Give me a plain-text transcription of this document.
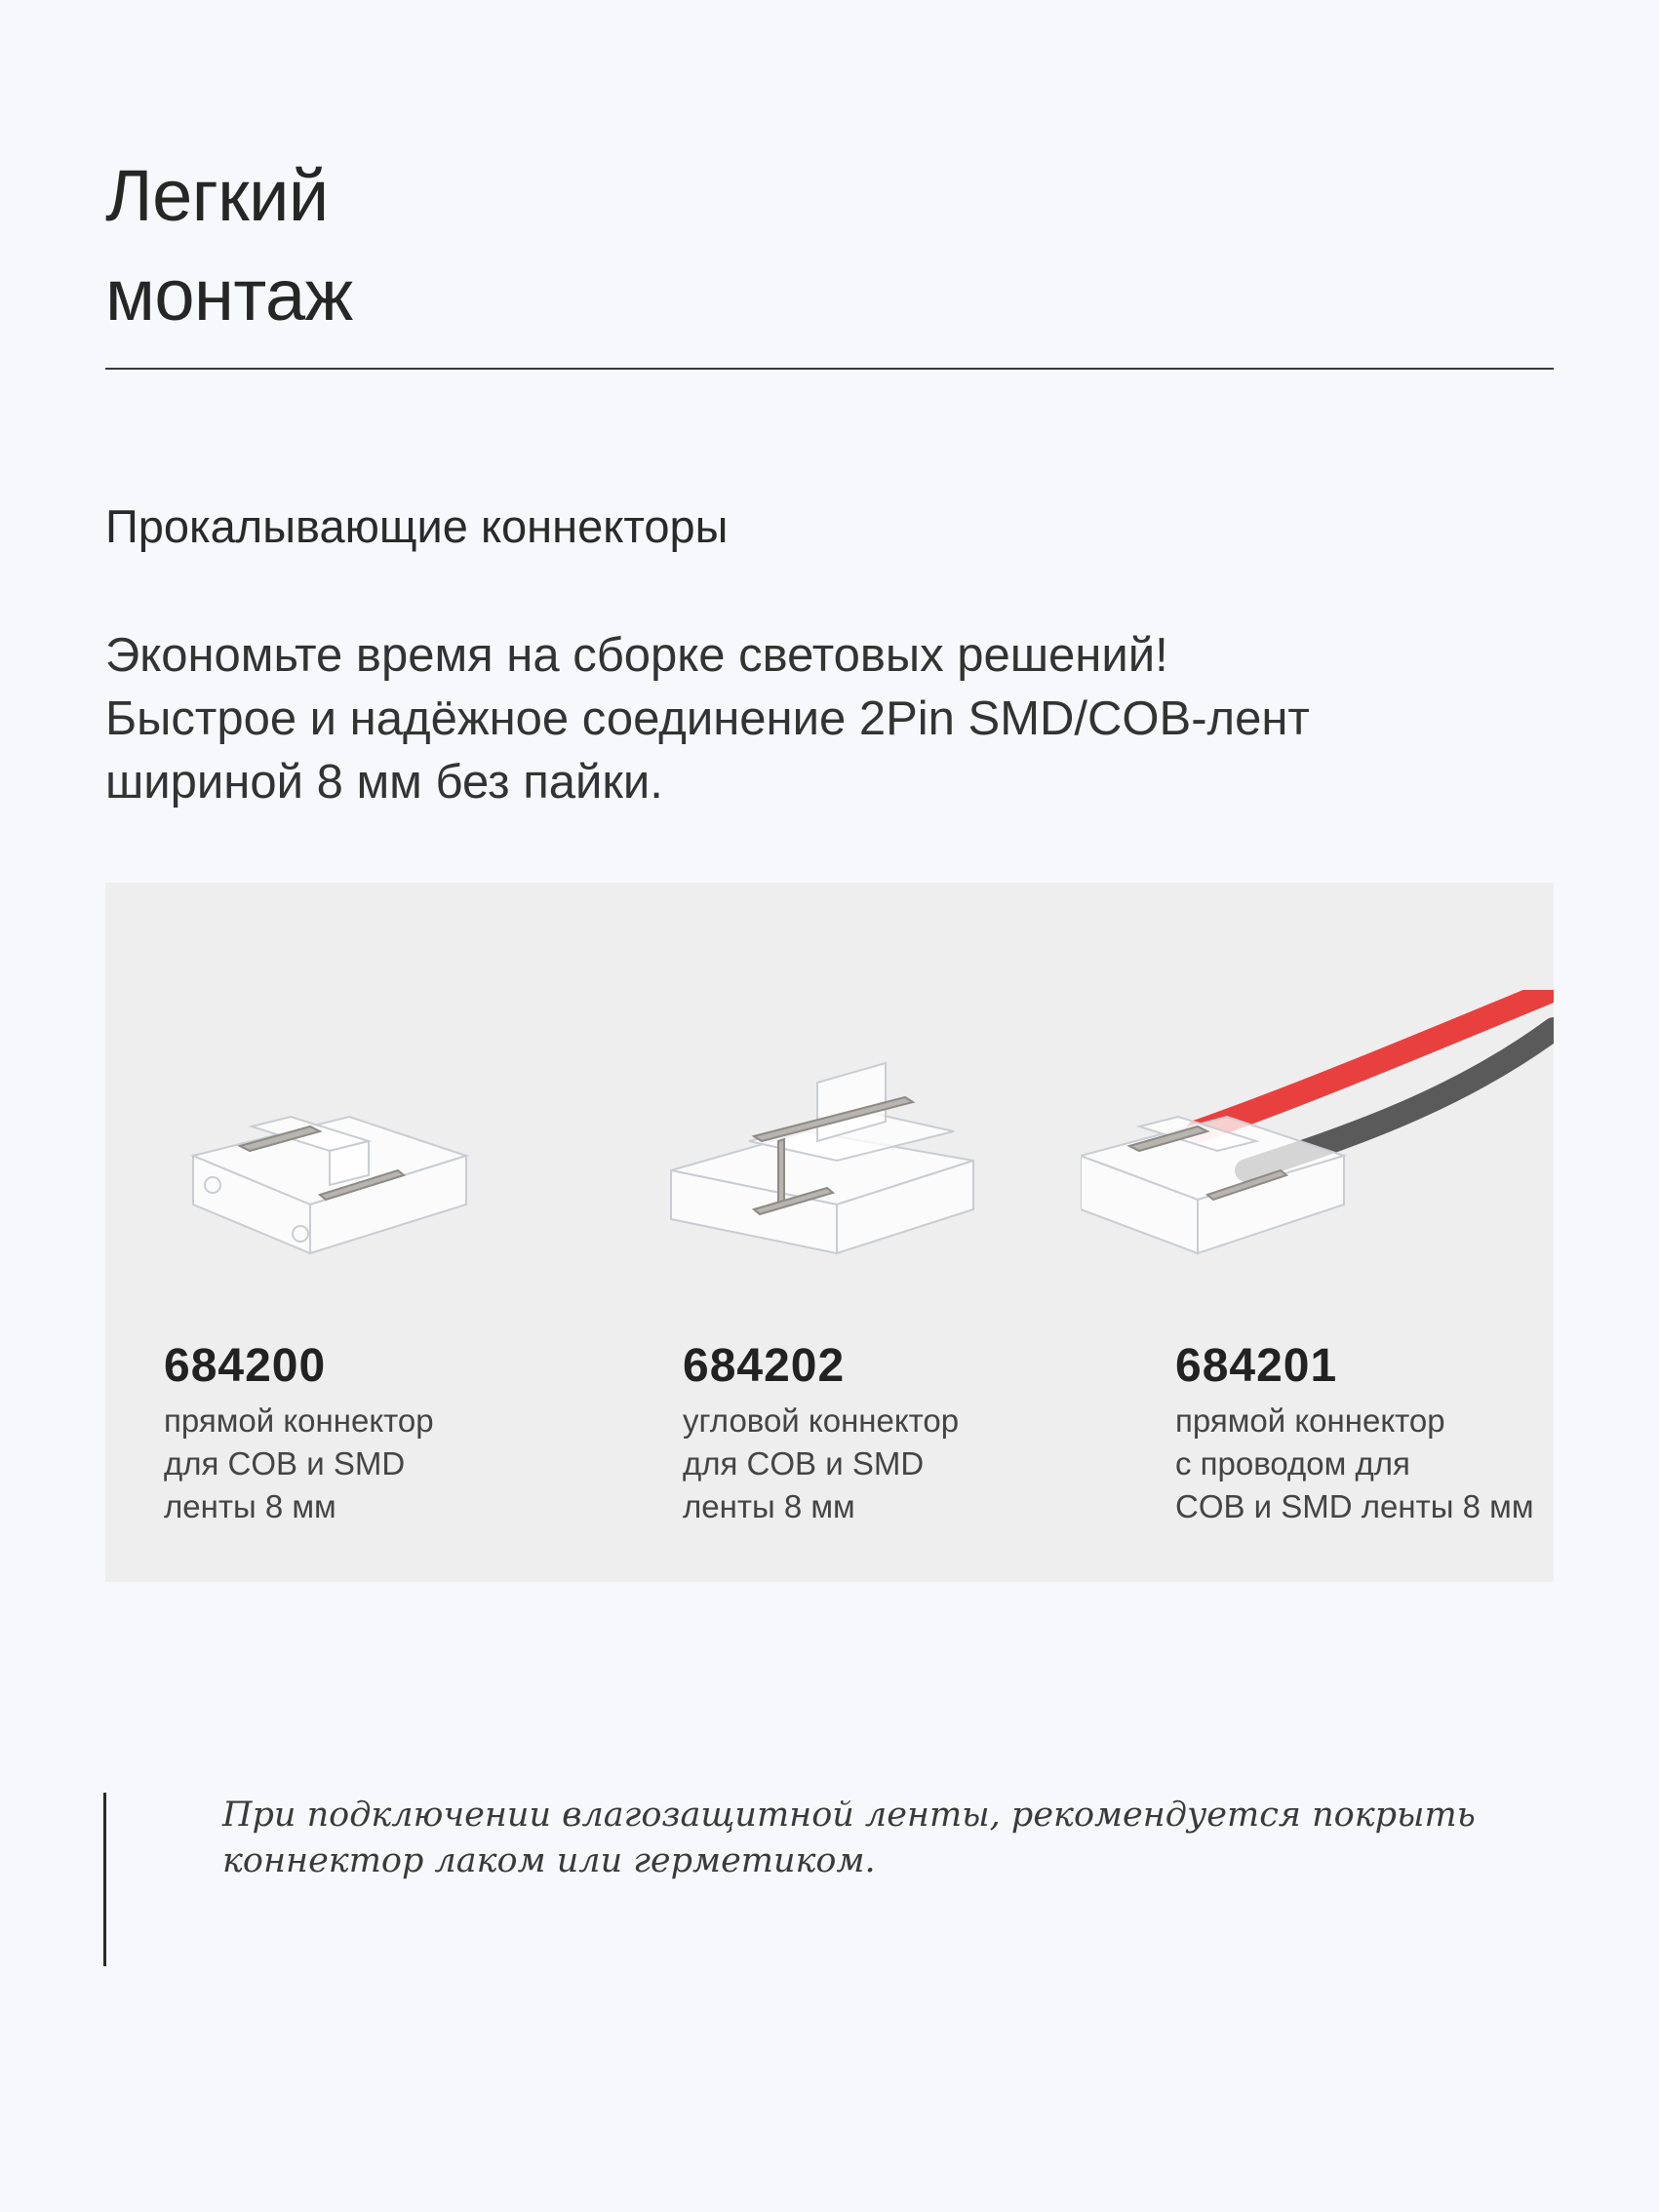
Легкий
монтаж
Прокалывающие коннекторы
Экономьте время на сборке световых решений!
Быстрое и надёжное соединение 2Pin SMD/COB-лент
шириной 8 мм без пайки.
684200
прямой коннектор
для COB и SMD
ленты 8 мм
684202
угловой коннектор
для COB и SMD
ленты 8 мм
684201
прямой коннектор
с проводом для
COB и SMD ленты 8 мм
При подключении влагозащитной ленты, рекомендуется покрыть
коннектор лаком или герметиком.
